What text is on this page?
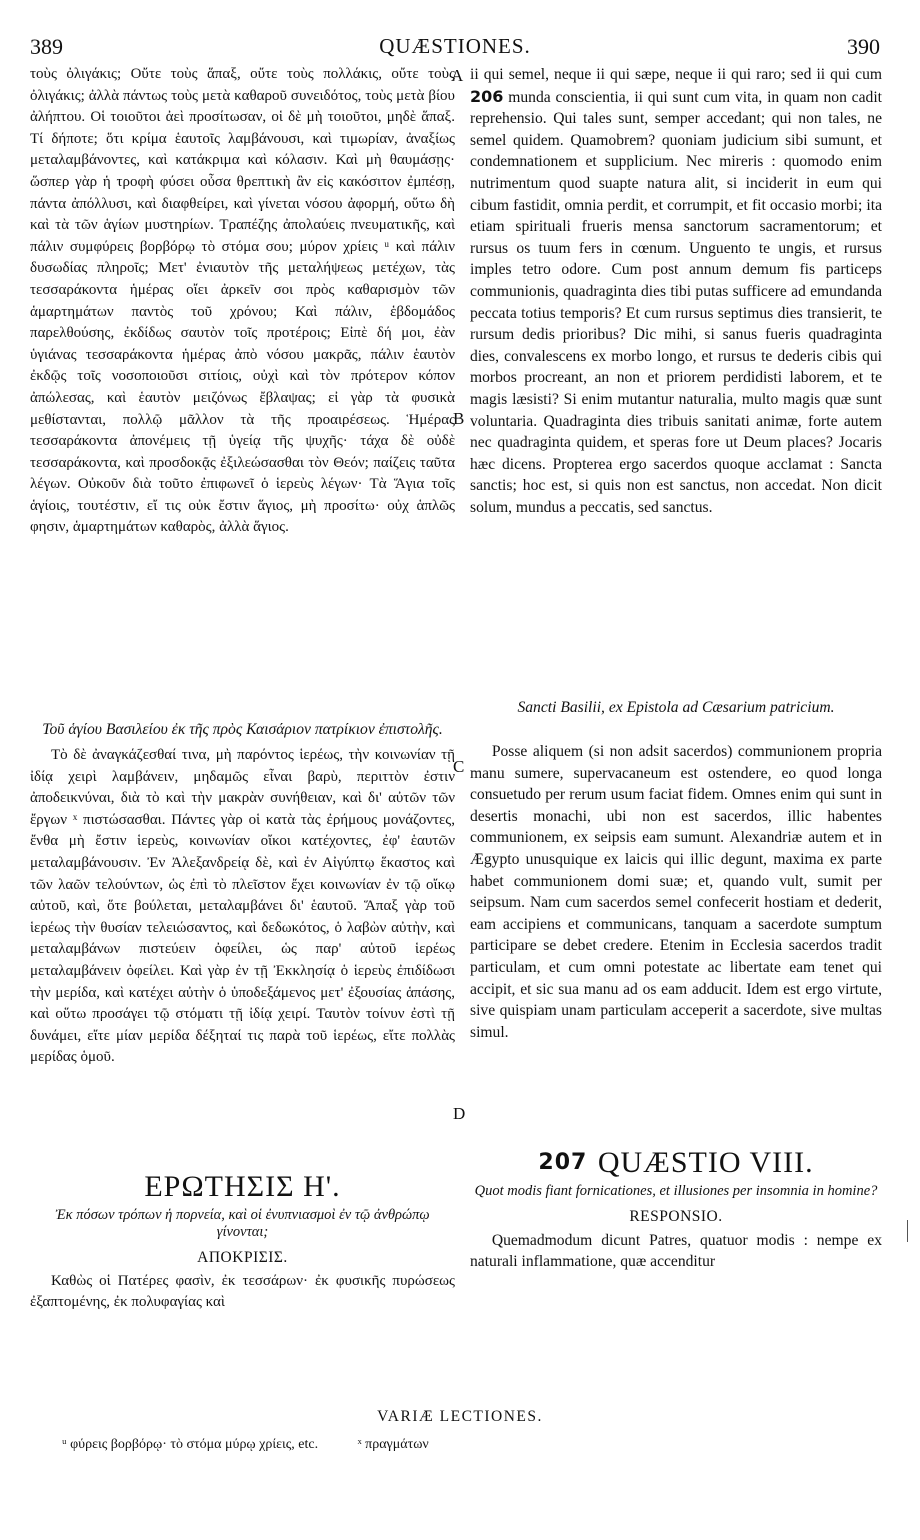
389	QUÆSTIONES.	390

τοὺς ὀλιγάκις; Οὔτε τοὺς ἅπαξ, οὔτε τοὺς πολλάκις, οὔτε τοὺς ὀλιγάκις; ἀλλὰ πάντως τοὺς μετὰ καθαροῦ συνειδότος, τοὺς μετὰ βίου ἀλήπτου. Οἱ τοιοῦτοι ἀεὶ προσίτωσαν, οἱ δὲ μὴ τοιοῦτοι, μηδὲ ἅπαξ. Τί δήποτε; ὅτι κρίμα ἑαυτοῖς λαμβάνουσι, καὶ τιμωρίαν, ἀναξίως μεταλαμβάνοντες, καὶ κατάκριμα καὶ κόλασιν. Καὶ μὴ θαυμάσῃς· ὥσπερ γὰρ ἡ τροφὴ φύσει οὖσα θρεπτικὴ ἂν εἰς κακόσιτον ἐμπέσῃ, πάντα ἀπόλλυσι, καὶ διαφθείρει, καὶ γίνεται νόσου ἀφορμή, οὕτω δὴ καὶ τὰ τῶν ἁγίων μυστηρίων. Τραπέζης ἀπολαύεις πνευματικῆς, καὶ πάλιν συμφύρεις βορβόρῳ τὸ στόμα σου; μύρον χρίεις ᵘ καὶ πάλιν δυσωδίας πληροῖς; Μετ' ἐνιαυτὸν τῆς μεταλήψεως μετέχων, τὰς τεσσαράκοντα ἡμέρας οἴει ἀρκεῖν σοι πρὸς καθαρισμὸν τῶν ἁμαρτημάτων παντὸς τοῦ χρόνου; Καὶ πάλιν, ἑβδομάδος παρελθούσης, ἐκδίδως σαυτὸν τοῖς προτέροις; Εἰπὲ δή μοι, ἐὰν ὑγιάνας τεσσαράκοντα ἡμέρας ἀπὸ νόσου μακρᾶς, πάλιν ἑαυτὸν ἐκδῷς τοῖς νοσοποιοῦσι σιτίοις, οὐχὶ καὶ τὸν πρότερον κόπον ἀπώλεσας, καὶ ἑαυτὸν μειζόνως ἔβλαψας; εἰ γὰρ τὰ φυσικὰ μεθίστανται, πολλῷ μᾶλλον τὰ τῆς προαιρέσεως. Ἡμέρας τεσσαράκοντα ἀπονέμεις τῇ ὑγείᾳ τῆς ψυχῆς· τάχα δὲ οὐδὲ τεσσαράκοντα, καὶ προσδοκᾷς ἐξιλεώσασθαι τὸν Θεόν; παίζεις ταῦτα λέγων. Οὐκοῦν διὰ τοῦτο ἐπιφωνεῖ ὁ ἱερεὺς λέγων· Τὰ Ἅγια τοῖς ἁγίοις, τουτέστιν, εἴ τις οὐκ ἔστιν ἅγιος, μὴ προσίτω· οὐχ ἁπλῶς φησιν, ἁμαρτημάτων καθαρὸς, ἀλλὰ ἅγιος.

Τοῦ ἁγίου Βασιλείου ἐκ τῆς πρὸς Καισάριον πατρίκιον ἐπιστολῆς.

Τὸ δὲ ἀναγκάζεσθαί τινα, μὴ παρόντος ἱερέως, τὴν κοινωνίαν τῇ ἰδίᾳ χειρὶ λαμβάνειν, μηδαμῶς εἶναι βαρὺ, περιττὸν ἐστιν ἀποδεικνύναι, διὰ τὸ καὶ τὴν μακρὰν συνήθειαν, καὶ δι' αὐτῶν τῶν ἔργων ˣ πιστώσασθαι. Πάντες γὰρ οἱ κατὰ τὰς ἐρήμους μονάζοντες, ἔνθα μὴ ἔστιν ἱερεὺς, κοινωνίαν οἴκοι κατέχοντες, ἐφ' ἑαυτῶν μεταλαμβάνουσιν. Ἐν Ἀλεξανδρείᾳ δὲ, καὶ ἐν Αἰγύπτῳ ἕκαστος καὶ τῶν λαῶν τελούντων, ὡς ἐπὶ τὸ πλεῖστον ἔχει κοινωνίαν ἐν τῷ οἴκῳ αὐτοῦ, καὶ, ὅτε βούλεται, μεταλαμβάνει δι' ἑαυτοῦ. Ἅπαξ γὰρ τοῦ ἱερέως τὴν θυσίαν τελειώσαντος, καὶ δεδωκότος, ὁ λαβὼν αὐτὴν, καὶ μεταλαμβάνων πιστεύειν ὀφείλει, ὡς παρ' αὐτοῦ ἱερέως μεταλαμβάνειν ὀφείλει. Καὶ γὰρ ἐν τῇ Ἐκκλησίᾳ ὁ ἱερεὺς ἐπιδίδωσι τὴν μερίδα, καὶ κατέχει αὐτὴν ὁ ὑποδεξάμενος μετ' ἐξουσίας ἁπάσης, καὶ οὕτω προσάγει τῷ στόματι τῇ ἰδίᾳ χειρί. Ταυτὸν τοίνυν ἐστὶ τῇ δυνάμει, εἴτε μίαν μερίδα δέξηταί τις παρὰ τοῦ ἱερέως, εἴτε πολλὰς μερίδας ὁμοῦ.

ΕΡΩΤΗΣΙΣ Η'.
Ἐκ πόσων τρόπων ἡ πορνεία, καὶ οἱ ἐνυπνιασμοὶ ἐν τῷ ἀνθρώπῳ γίνονται;
ΑΠΟΚΡΙΣΙΣ.

Καθὼς οἱ Πατέρες φασὶν, ἐκ τεσσάρων· ἐκ φυσικῆς πυρώσεως ἐξαπτομένης, ἐκ πολυφαγίας καὶ

ii qui semel, neque ii qui sæpe, neque ii qui raro; sed ii qui cum 206 munda conscientia, ii qui sunt cum vita, in quam non cadit reprehensio. Qui tales sunt, semper accedant; qui non tales, ne semel quidem. Quamobrem? quoniam judicium sibi sumunt, et condemnationem et supplicium. Nec mireris : quomodo enim nutrimentum quod suapte natura alit, si inciderit in eum qui cibum fastidit, omnia perdit, et corrumpit, et fit occasio morbi; ita etiam spirituali frueris mensa sanctorum sacramentorum; et rursus os tuum fers in cœnum. Unguento te ungis, et rursus imples tetro odore. Cum post annum demum fis particeps communionis, quadraginta dies tibi putas sufficere ad emundanda peccata totius temporis? Et cum rursus septimus dies transierit, te rursum dedis prioribus? Dic mihi, si sanus fueris quadraginta dies, convalescens ex morbo longo, et rursus te dederis cibis qui morbos procreant, an non et priorem perdidisti laborem, et te magis læsisti? Si enim mutantur naturalia, multo magis quæ sunt voluntaria. Quadraginta dies tribuis sanitati animæ, forte autem nec quadraginta quidem, et speras fore ut Deum places? Jocaris hæc dicens. Propterea ergo sacerdos quoque acclamat : Sancta sanctis; hoc est, si quis non est sanctus, non accedat. Non dicit solum, mundus a peccatis, sed sanctus.

Sancti Basilii, ex Epistola ad Cæsarium patricium.

Posse aliquem (si non adsit sacerdos) communionem propria manu sumere, supervacaneum est ostendere, eo quod longa consuetudo per rerum usum faciat fidem. Omnes enim qui sunt in desertis monachi, ubi non est sacerdos, illic habentes communionem, ex seipsis eam sumunt. Alexandriæ autem et in Ægypto unusquique ex laicis qui illic degunt, maxima ex parte habet communionem domi suæ; et, quando vult, sumit per seipsum. Nam cum sacerdos semel confecerit hostiam et dederit, eam accipiens et communicans, tanquam a sacerdote sumptum participare se debet credere. Etenim in Ecclesia sacerdos tradit particulam, et cum omni potestate ac libertate eam tenet qui accipit, et sic sua manu ad os eam adducit. Idem est ergo virtute, sive quispiam unam particulam acceperit a sacerdote, sive multas simul.

207 QUÆSTIO VIII.
Quot modis fiant fornicationes, et illusiones per insomnia in homine?
RESPONSIO.

Quemadmodum dicunt Patres, quatuor modis : nempe ex naturali inflammatione, quæ accenditur

A
B
C
D
VARIÆ LECTIONES.
ᵘ φύρεις βορβόρῳ· τὸ στόμα μύρῳ χρίεις, etc.	ˣ πραγμάτων
